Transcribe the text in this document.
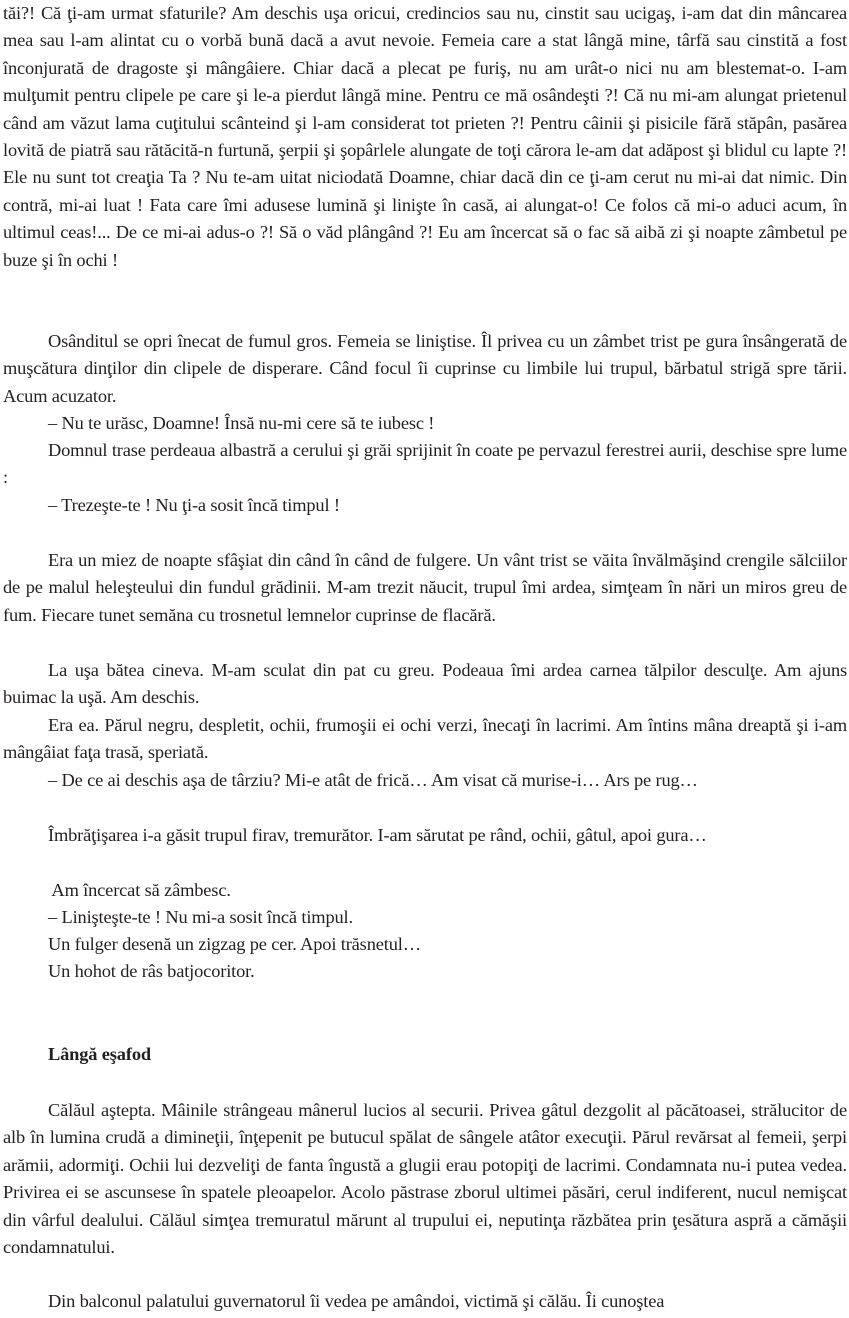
tăi?! Că ţi-am urmat sfaturile? Am deschis uşa oricui, credincios sau nu, cinstit sau ucigaş, i-am dat din mâncarea mea sau l-am alintat cu o vorbă bună dacă a avut nevoie. Femeia care a stat lângă mine, târfă sau cinstită a fost înconjurată de dragoste şi mângâiere. Chiar dacă a plecat pe furiş, nu am urât-o nici nu am blestemat-o. I-am mulţumit pentru clipele pe care şi le-a pierdut lângă mine. Pentru ce mă osândeşti ?! Că nu mi-am alungat prietenul când am văzut lama cuţitului scânteind şi l-am considerat tot prieten ?! Pentru câinii şi pisicile fără stăpân, pasărea lovită de piatră sau rătăcită-n furtună, şerpii şi şopârlele alungate de toţi cărora le-am dat adăpost şi blidul cu lapte ?! Ele nu sunt tot creaţia Ta ? Nu te-am uitat niciodată Doamne, chiar dacă din ce ţi-am cerut nu mi-ai dat nimic. Din contră, mi-ai luat ! Fata care îmi adusese lumină şi linişte în casă, ai alungat-o! Ce folos că mi-o aduci acum, în ultimul ceas!... De ce mi-ai adus-o ?! Să o văd plângând ?! Eu am încercat să o fac să aibă zi şi noapte zâmbetul pe buze şi în ochi !

Osânditul se opri înecat de fumul gros. Femeia se liniştise. Îl privea cu un zâmbet trist pe gura însângerată de muşcătura dinţilor din clipele de disperare. Când focul îi cuprinse cu limbile lui trupul, bărbatul strigă spre tării. Acum acuzator.

– Nu te urăsc, Doamne! Însă nu-mi cere să te iubesc !

Domnul trase perdeaua albastră a cerului şi grăi sprijinit în coate pe pervazul ferestrei aurii, deschise spre lume :

– Trezeşte-te ! Nu ţi-a sosit încă timpul !

Era un miez de noapte sfâşiat din când în când de fulgere. Un vânt trist se văita învălmăşind crengile sălciilor de pe malul heleşteului din fundul grădinii. M-am trezit năucit, trupul îmi ardea, simţeam în nări un miros greu de fum. Fiecare tunet semăna cu trosnetul lemnelor cuprinse de flacără.

La uşa bătea cineva. M-am sculat din pat cu greu. Podeaua îmi ardea carnea tălpilor desculţe. Am ajuns buimac la uşă. Am deschis.

Era ea. Părul negru, despletit, ochii, frumoşii ei ochi verzi, înecaţi în lacrimi. Am întins mâna dreaptă şi i-am mângâiat faţa trasă, speriată.

– De ce ai deschis aşa de târziu? Mi-e atât de frică… Am visat că murise-i… Ars pe rug…

Îmbrăţişarea i-a găsit trupul firav, tremurător. I-am sărutat pe rând, ochii, gâtul, apoi gura…

Am încercat să zâmbesc.

– Linişteşte-te ! Nu mi-a sosit încă timpul.

Un fulger desenă un zigzag pe cer. Apoi trăsnetul…

Un hohot de râs batjocoritor.

Lângă eşafod

Călăul aştepta. Mâinile strângeau mânerul lucios al securii. Privea gâtul dezgolit al păcătoasei, strălucitor de alb în lumina crudă a dimineţii, înţepenit pe butucul spălat de sângele atâtor execuţii. Părul revărsat al femeii, şerpi arămii, adormiţi. Ochii lui dezveliţi de fanta îngustă a glugii erau potopiţi de lacrimi. Condamnata nu-i putea vedea. Privirea ei se ascunsese în spatele pleoapelor. Acolo păstrase zborul ultimei păsări, cerul indiferent, nucul nemişcat din vârful dealului. Călăul simţea tremuratul mărunt al trupului ei, neputinţa răzbătea prin ţesătura aspră a cămăşii condamnatului.

Din balconul palatului guvernatorul îi vedea pe amândoi, victimă şi călău. Îi cunoştea
